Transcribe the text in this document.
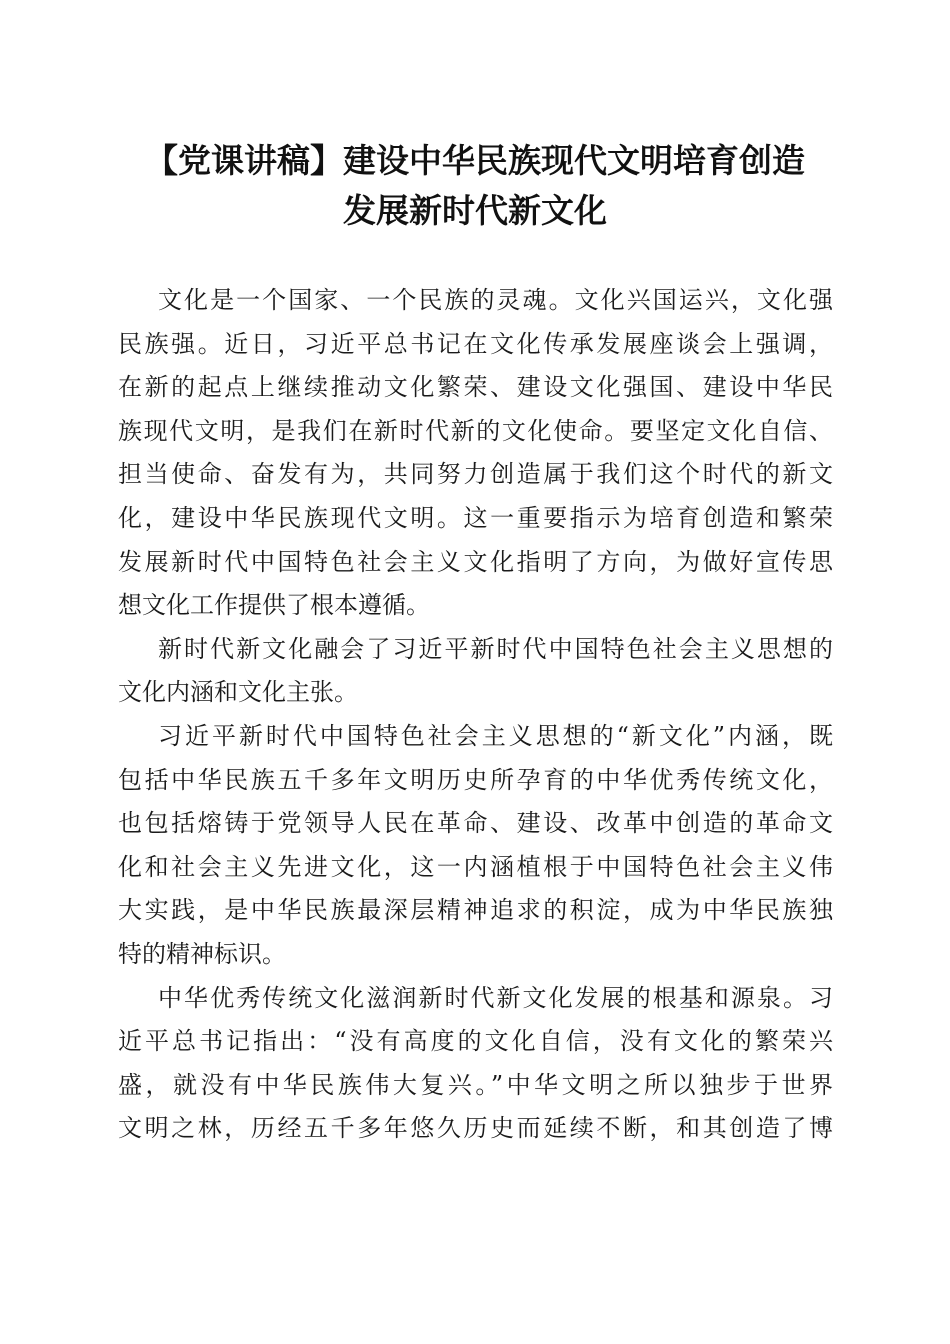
【党课讲稿】建设中华民族现代文明培育创造
发展新时代新文化
文化是一个国家、一个民族的灵魂。文化兴国运兴，文化强
民族强。近日，习近平总书记在文化传承发展座谈会上强调，
在新的起点上继续推动文化繁荣、建设文化强国、建设中华民
族现代文明，是我们在新时代新的文化使命。要坚定文化自信、
担当使命、奋发有为，共同努力创造属于我们这个时代的新文
化，建设中华民族现代文明。这一重要指示为培育创造和繁荣
发展新时代中国特色社会主义文化指明了方向，为做好宣传思
想文化工作提供了根本遵循。
新时代新文化融会了习近平新时代中国特色社会主义思想的
文化内涵和文化主张。
习近平新时代中国特色社会主义思想的“新文化”内涵，既
包括中华民族五千多年文明历史所孕育的中华优秀传统文化，
也包括熔铸于党领导人民在革命、建设、改革中创造的革命文
化和社会主义先进文化，这一内涵植根于中国特色社会主义伟
大实践，是中华民族最深层精神追求的积淀，成为中华民族独
特的精神标识。
中华优秀传统文化滋润新时代新文化发展的根基和源泉。习
近平总书记指出：“没有高度的文化自信，没有文化的繁荣兴
盛，就没有中华民族伟大复兴。”中华文明之所以独步于世界
文明之林，历经五千多年悠久历史而延续不断，和其创造了博
